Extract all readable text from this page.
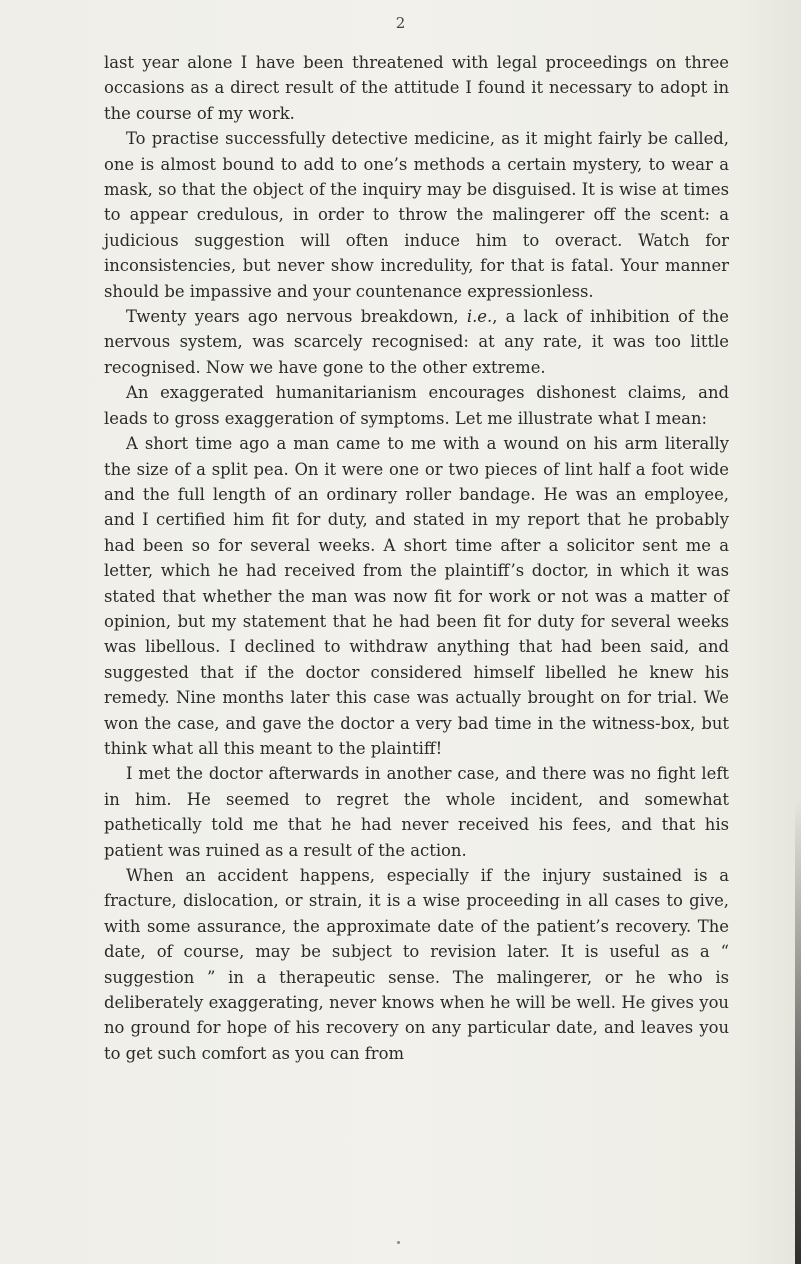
2

last year alone I have been threatened with legal proceedings on three occasions as a direct result of the attitude I found it necessary to adopt in the course of my work.

To practise successfully detective medicine, as it might fairly be called, one is almost bound to add to one’s methods a certain mystery, to wear a mask, so that the object of the inquiry may be disguised. It is wise at times to appear credulous, in order to throw the malingerer off the scent: a judicious suggestion will often induce him to overact. Watch for inconsistencies, but never show incredulity, for that is fatal. Your manner should be impassive and your countenance expressionless.

Twenty years ago nervous breakdown, i.e., a lack of inhibition of the nervous system, was scarcely recognised: at any rate, it was too little recognised. Now we have gone to the other extreme.

An exaggerated humanitarianism encourages dishonest claims, and leads to gross exaggeration of symptoms. Let me illustrate what I mean:

A short time ago a man came to me with a wound on his arm literally the size of a split pea. On it were one or two pieces of lint half a foot wide and the full length of an ordinary roller bandage. He was an employee, and I certified him fit for duty, and stated in my report that he probably had been so for several weeks. A short time after a solicitor sent me a letter, which he had received from the plaintiff’s doctor, in which it was stated that whether the man was now fit for work or not was a matter of opinion, but my statement that he had been fit for duty for several weeks was libellous. I declined to withdraw anything that had been said, and suggested that if the doctor considered himself libelled he knew his remedy. Nine months later this case was actually brought on for trial. We won the case, and gave the doctor a very bad time in the witness-box, but think what all this meant to the plaintiff!

I met the doctor afterwards in another case, and there was no fight left in him. He seemed to regret the whole incident, and somewhat pathetically told me that he had never received his fees, and that his patient was ruined as a result of the action.

When an accident happens, especially if the injury sustained is a fracture, dislocation, or strain, it is a wise proceeding in all cases to give, with some assurance, the approximate date of the patient’s recovery. The date, of course, may be subject to revision later. It is useful as a “ suggestion ” in a therapeutic sense. The malingerer, or he who is deliberately exaggerating, never knows when he will be well. He gives you no ground for hope of his recovery on any particular date, and leaves you to get such comfort as you can from
